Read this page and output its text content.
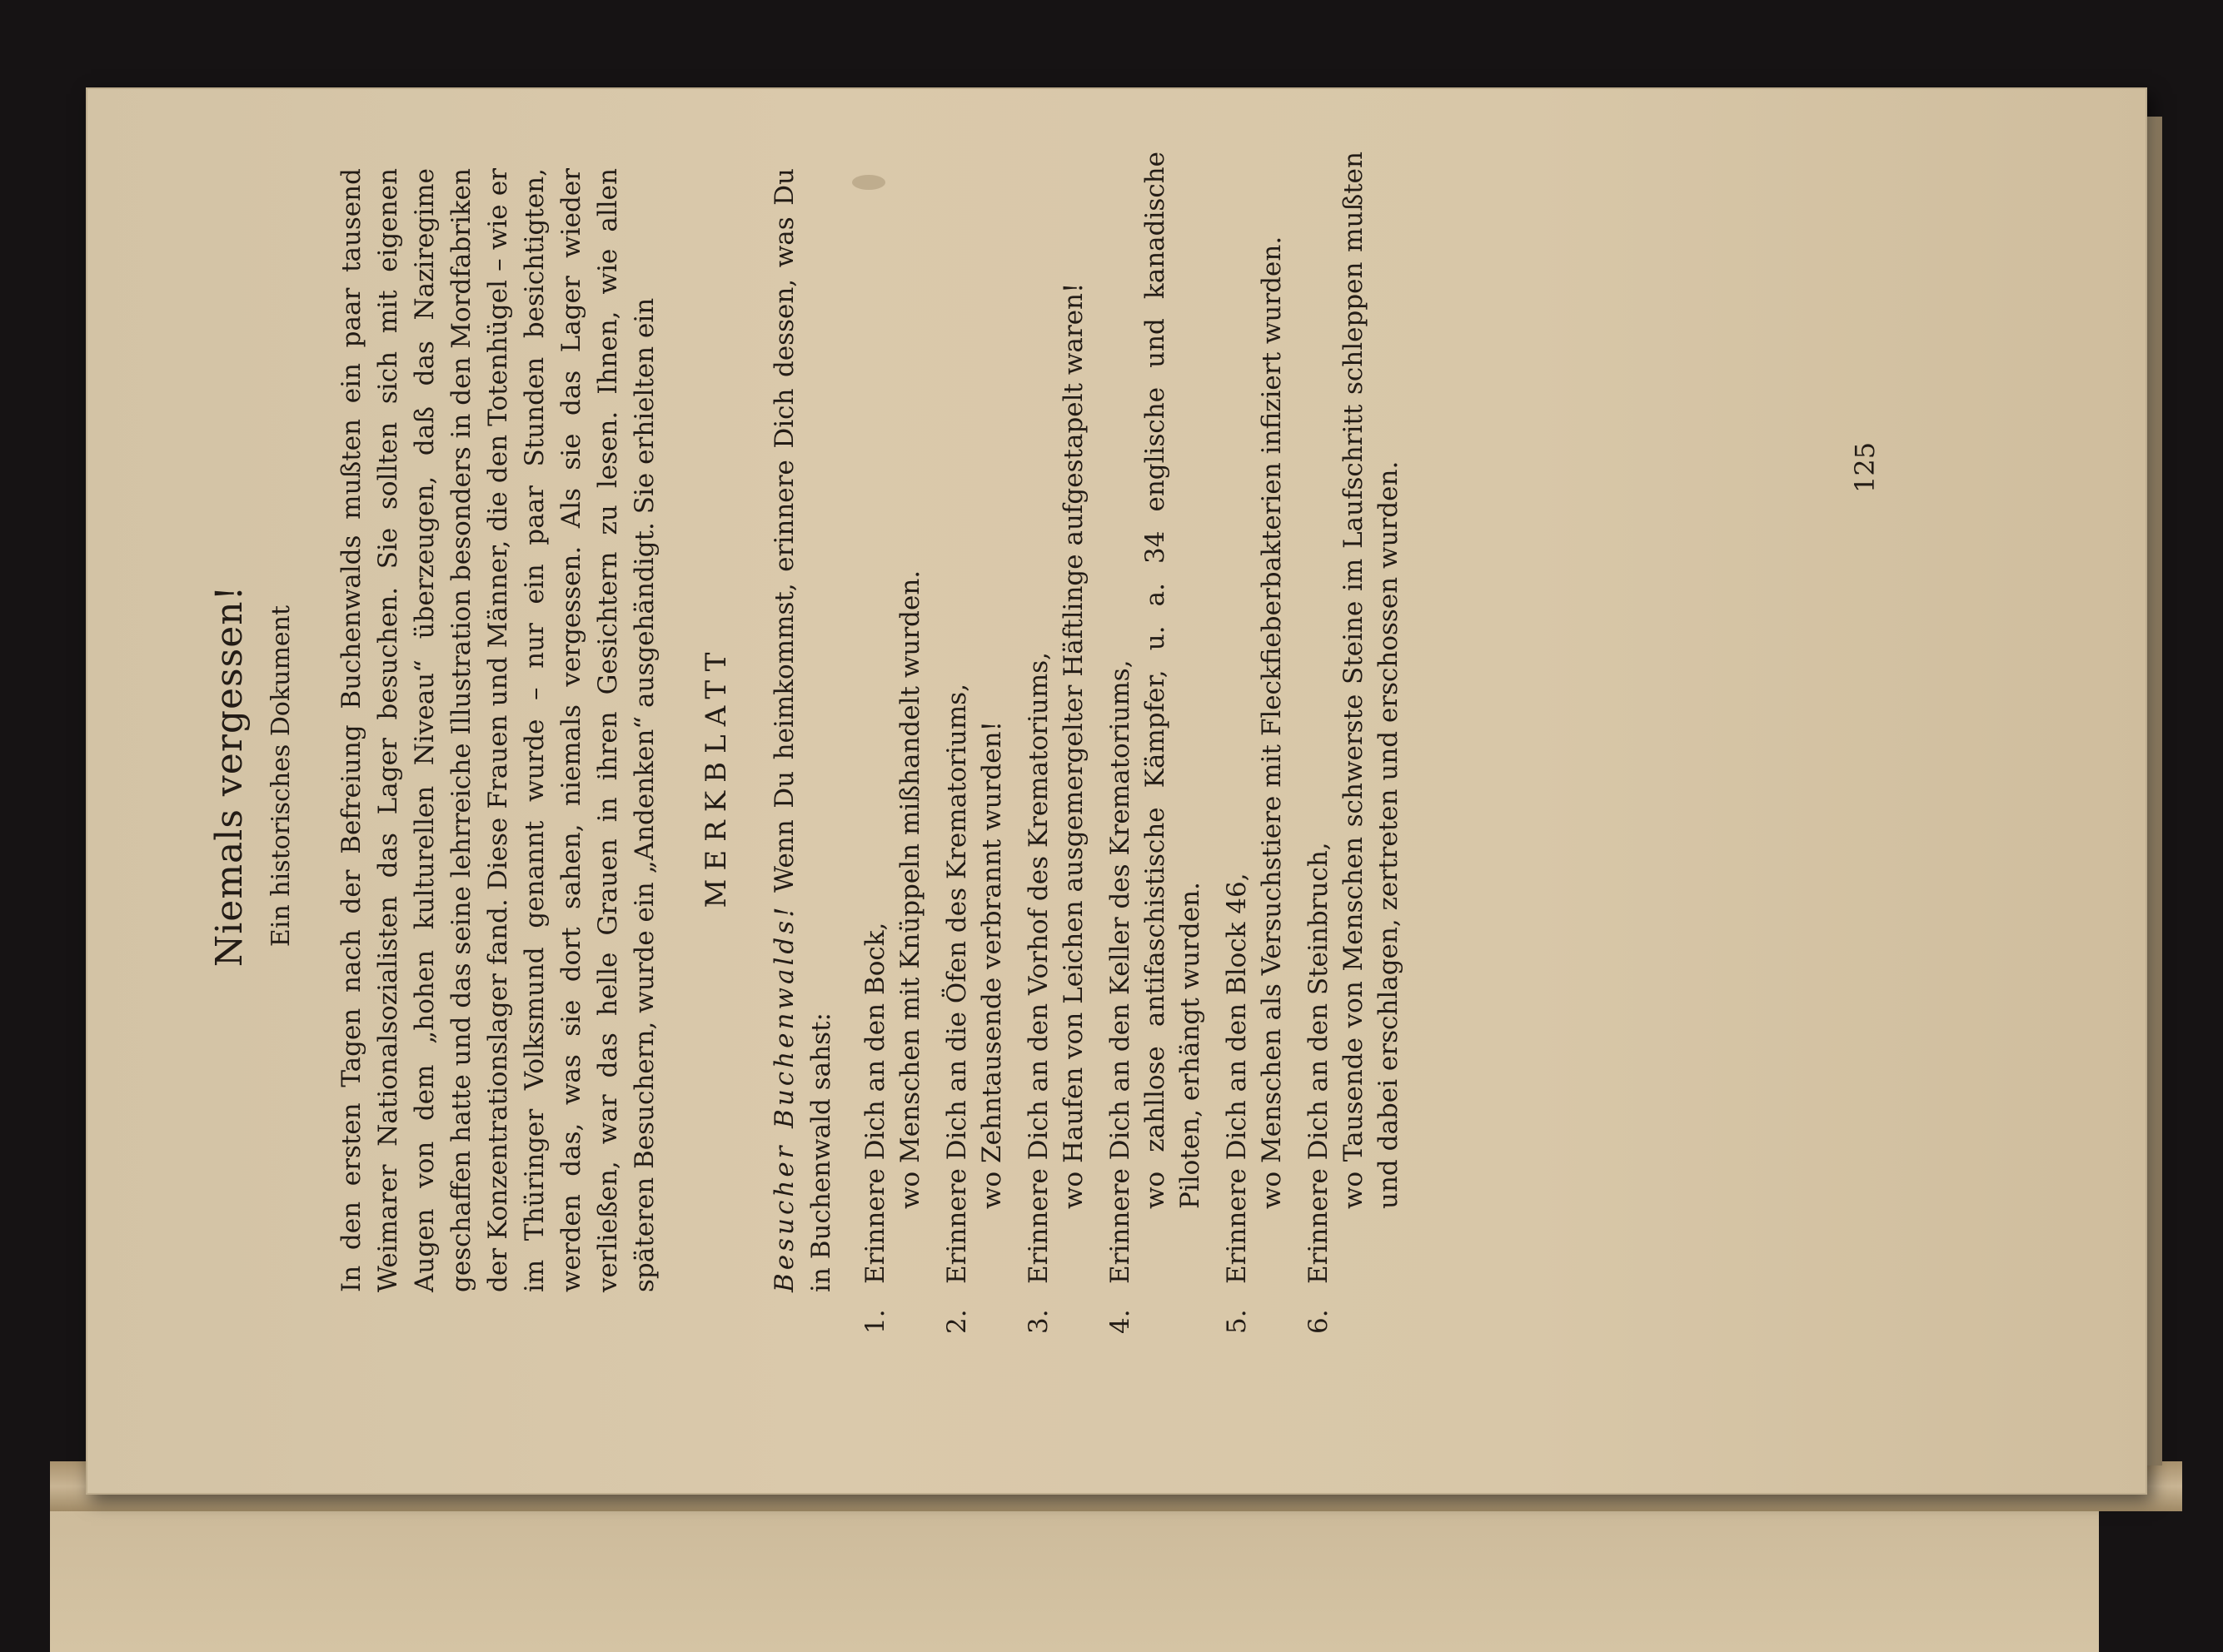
Niemals vergessen! Ein historisches Dokument In den ersten Tagen nach der Befreiung Buchenwalds mußten ein paar tausend Weimarer Nationalsozialisten das Lager besuchen. Sie sollten sich mit eigenen Augen von dem „hohen kulturellen Niveau“ überzeugen, daß das Naziregime geschaffen hatte und das seine lehrreiche Illustration besonders in den Mordfabriken der Konzentrationslager fand. Diese Frauen und Männer, die den Totenhügel – wie er im Thüringer Volksmund genannt wurde – nur ein paar Stunden besichtigten, werden das, was sie dort sahen, niemals vergessen. Als sie das Lager wieder verließen, war das helle Grauen in ihren Gesichtern zu lesen. Ihnen, wie allen späteren Besuchern, wurde ein „Andenken“ ausgehändigt. Sie erhielten ein MERKBLATT
Besucher Buchenwalds! Wenn Du heimkommst, erinnere Dich dessen, was Du in Buchenwald sahst:
1.
Erinnere Dich an den Bock, wo Menschen mit Knüppeln mißhandelt wurden.
2.
Erinnere Dich an die Öfen des Krematoriums, wo Zehntausende verbrannt wurden!
3.
Erinnere Dich an den Vorhof des Krematoriums, wo Haufen von Leichen ausgemergelter Häftlinge aufgestapelt waren!
4.
Erinnere Dich an den Keller des Krematoriums, wo zahllose antifaschistische Kämpfer, u. a. 34 englische und kanadische Piloten, erhängt wurden.
5.
Erinnere Dich an den Block 46, wo Menschen als Versuchstiere mit Fleckfieberbakterien infiziert wurden.
6.
Erinnere Dich an den Steinbruch, wo Tausende von Menschen schwerste Steine im Laufschritt schleppen mußten und dabei erschlagen, zertreten und erschossen wurden.	125
